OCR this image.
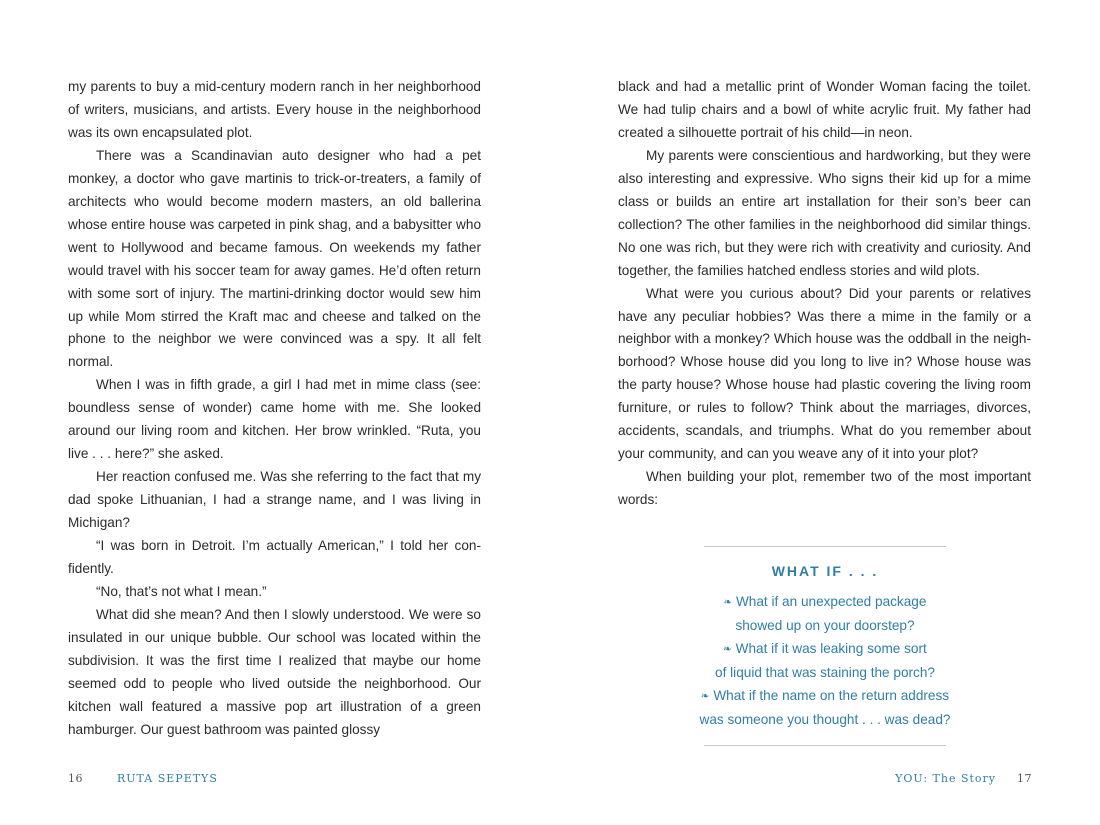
my parents to buy a mid-century modern ranch in her neighborhood of writers, musicians, and artists. Every house in the neighborhood was its own encapsulated plot.

There was a Scandinavian auto designer who had a pet monkey, a doctor who gave martinis to trick-or-treaters, a family of architects who would become modern masters, an old ballerina whose entire house was carpeted in pink shag, and a babysitter who went to Hollywood and became famous. On weekends my father would travel with his soccer team for away games. He’d often return with some sort of injury. The martini-drinking doctor would sew him up while Mom stirred the Kraft mac and cheese and talked on the phone to the neighbor we were convinced was a spy. It all felt normal.

When I was in fifth grade, a girl I had met in mime class (see: boundless sense of wonder) came home with me. She looked around our living room and kitchen. Her brow wrinkled. “Ruta, you live . . . here?” she asked.

Her reaction confused me. Was she referring to the fact that my dad spoke Lithuanian, I had a strange name, and I was living in Michigan?

“I was born in Detroit. I’m actually American,” I told her confidently.

“No, that’s not what I mean.”

What did she mean? And then I slowly understood. We were so insulated in our unique bubble. Our school was located within the subdivision. It was the first time I realized that maybe our home seemed odd to people who lived outside the neighborhood. Our kitchen wall featured a massive pop art illustration of a green hamburger. Our guest bathroom was painted glossy

16	RUTA SEPETYS

black and had a metallic print of Wonder Woman facing the toilet. We had tulip chairs and a bowl of white acrylic fruit. My father had created a silhouette portrait of his child—in neon.

My parents were conscientious and hardworking, but they were also interesting and expressive. Who signs their kid up for a mime class or builds an entire art installation for their son’s beer can collection? The other families in the neighborhood did similar things. No one was rich, but they were rich with creativity and curiosity. And together, the families hatched endless stories and wild plots.

What were you curious about? Did your parents or relatives have any peculiar hobbies? Was there a mime in the family or a neighbor with a monkey? Which house was the oddball in the neighborhood? Whose house did you long to live in? Whose house was the party house? Whose house had plastic covering the living room furniture, or rules to follow? Think about the marriages, divorces, accidents, scandals, and triumphs. What do you remember about your community, and can you weave any of it into your plot?

When building your plot, remember two of the most important words:

WHAT IF . . .
❧ What if an unexpected package
showed up on your doorstep?
❧ What if it was leaking some sort
of liquid that was staining the porch?
❧ What if the name on the return address
was someone you thought . . . was dead?
YOU: The Story 17
